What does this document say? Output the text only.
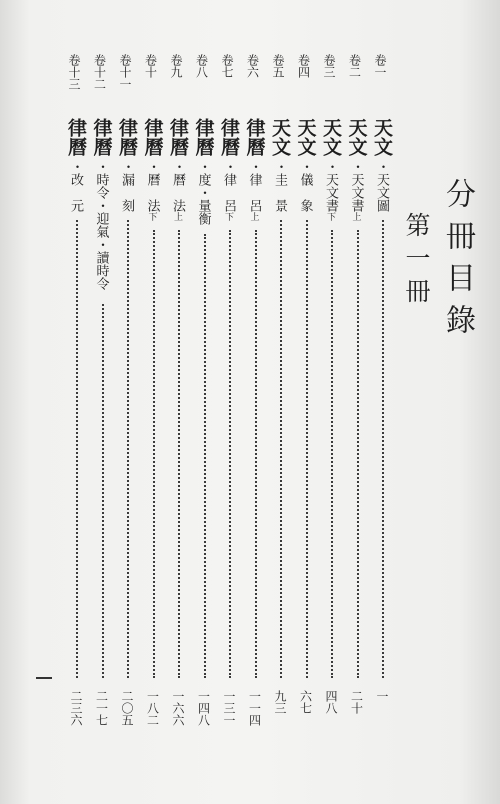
分冊目錄
第一冊
卷一
天文
・天文圖
一
卷二
天文
・天文書上
二十
卷三
天文
・天文書下
四八
卷四
天文
・儀　象
六七
卷五
天文
・圭　景
九三
卷六
律曆
・律　呂上
一一四
卷七
律曆
・律　呂下
一三一
卷八
律曆
・度・量衡
一四八
卷九
律曆
・曆　法上
一六六
卷十
律曆
・曆　法下
一八二
卷十一
律曆
・漏　刻
二〇五
卷十二
律曆
・時令・迎氣・讀時令
二一七
卷十三
律曆
・改　元
二三六
